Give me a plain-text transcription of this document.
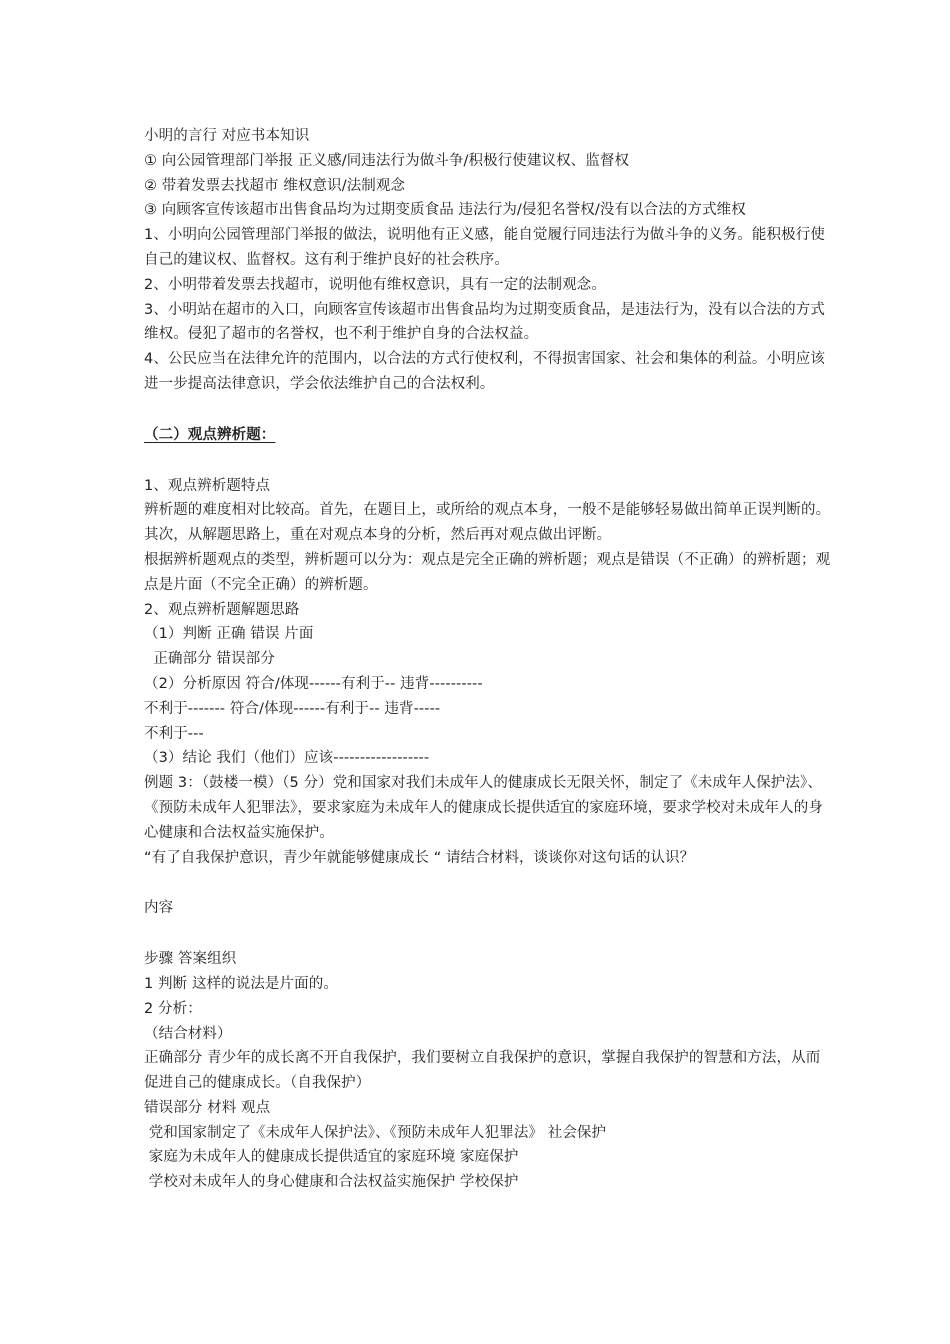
小明的言行 对应书本知识

① 向公园管理部门举报 正义感/同违法行为做斗争/积极行使建议权、监督权

② 带着发票去找超市 维权意识/法制观念

③ 向顾客宣传该超市出售食品均为过期变质食品 违法行为/侵犯名誉权/没有以合法的方式维权

1、小明向公园管理部门举报的做法，说明他有正义感，能自觉履行同违法行为做斗争的义务。能积极行使自己的建议权、监督权。这有利于维护良好的社会秩序。

2、小明带着发票去找超市，说明他有维权意识，具有一定的法制观念。

3、小明站在超市的入口，向顾客宣传该超市出售食品均为过期变质食品，是违法行为，没有以合法的方式维权。侵犯了超市的名誉权，也不利于维护自身的合法权益。

4、公民应当在法律允许的范围内，以合法的方式行使权利，不得损害国家、社会和集体的利益。小明应该进一步提高法律意识，学会依法维护自己的合法权利。

（二）观点辨析题：

1、观点辨析题特点

辨析题的难度相对比较高。首先，在题目上，或所给的观点本身，一般不是能够轻易做出简单正误判断的。其次，从解题思路上，重在对观点本身的分析，然后再对观点做出评断。

根据辨析题观点的类型，辨析题可以分为：观点是完全正确的辨析题；观点是错误（不正确）的辨析题；观点是片面（不完全正确）的辨析题。

2、观点辨析题解题思路

（1）判断 正确 错误 片面

正确部分 错误部分

（2）分析原因 符合/体现------有利于-- 违背----------

不利于------- 符合/体现------有利于-- 违背-----

不利于---

（3）结论 我们（他们）应该------------------

例题 3：（鼓楼一模）（5 分）党和国家对我们未成年人的健康成长无限关怀，制定了《未成年人保护法》、《预防未成年人犯罪法》，要求家庭为未成年人的健康成长提供适宜的家庭环境，要求学校对未成年人的身心健康和合法权益实施保护。

“有了自我保护意识，青少年就能够健康成长 “ 请结合材料，谈谈你对这句话的认识？

内容

步骤 答案组织

1 判断 这样的说法是片面的。

2 分析：

（结合材料）

正确部分 青少年的成长离不开自我保护，我们要树立自我保护的意识，掌握自我保护的智慧和方法，从而促进自己的健康成长。（自我保护）

错误部分 材料 观点

党和国家制定了《未成年人保护法》、《预防未成年人犯罪法》 社会保护

家庭为未成年人的健康成长提供适宜的家庭环境 家庭保护

学校对未成年人的身心健康和合法权益实施保护 学校保护
